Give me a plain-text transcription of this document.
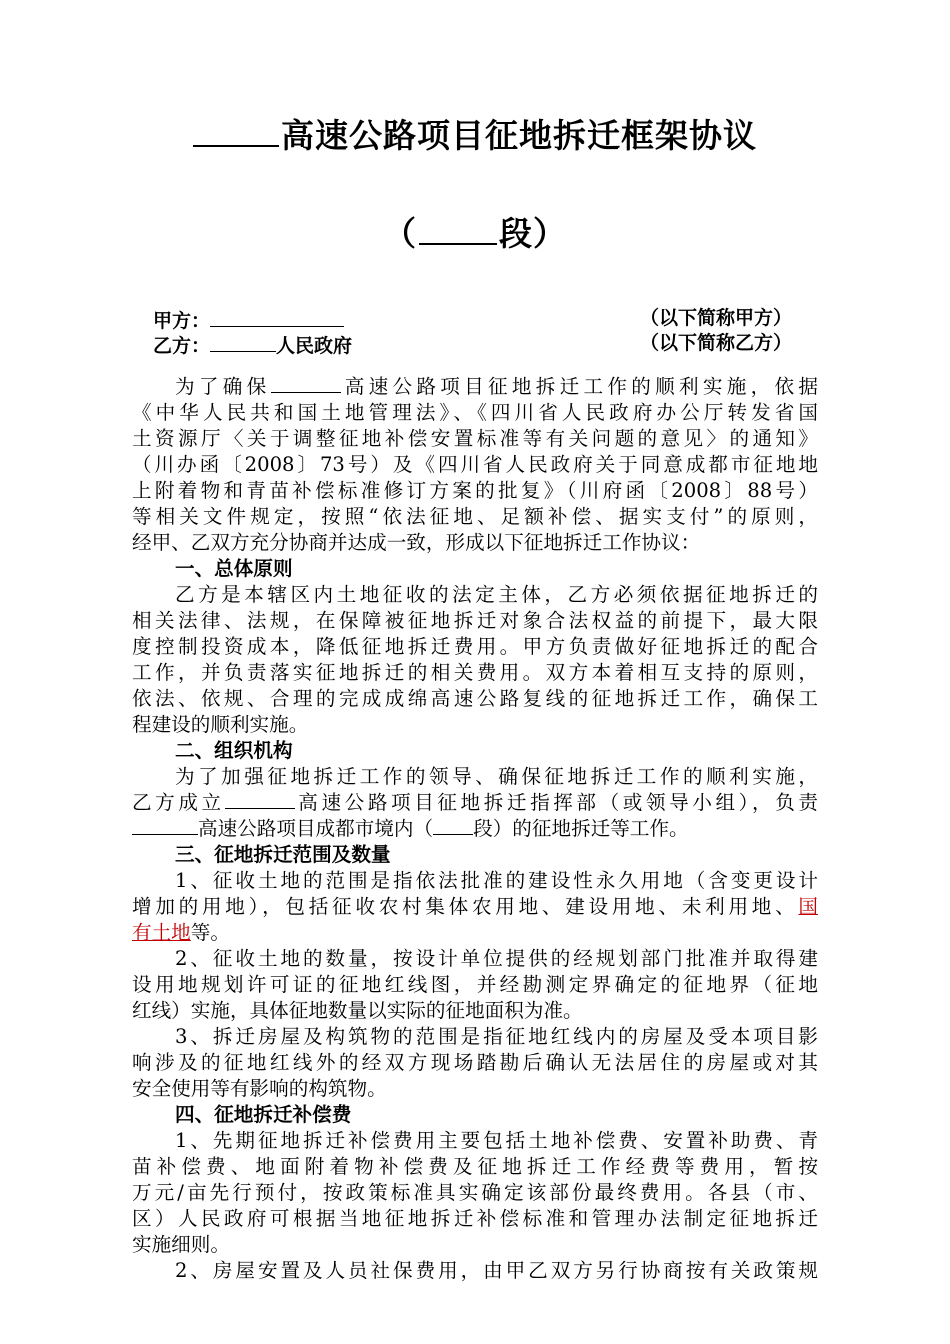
高速公路项目征地拆迁框架协议
（ 段）
甲方：	（以下简称甲方）
乙方：	人民政府	（以下简称乙方）
为了确保	高速公路项目征地拆迁工作的顺利实施，依据
《中华人民共和国土地管理法》、《四川省人民政府办公厅转发省国
土资源厅〈关于调整征地补偿安置标准等有关问题的意见〉的通知》
（川办函〔2008〕73号）及《四川省人民政府关于同意成都市征地地
上附着物和青苗补偿标准修订方案的批复》（川府函〔2008〕88号）
等相关文件规定，按照“依法征地、足额补偿、据实支付”的原则，
经甲、乙双方充分协商并达成一致，形成以下征地拆迁工作协议：
一、总体原则
乙方是本辖区内土地征收的法定主体，乙方必须依据征地拆迁的
相关法律、法规，在保障被征地拆迁对象合法权益的前提下，最大限
度控制投资成本，降低征地拆迁费用。甲方负责做好征地拆迁的配合
工作，并负责落实征地拆迁的相关费用。双方本着相互支持的原则，
依法、依规、合理的完成成绵高速公路复线的征地拆迁工作，确保工
程建设的顺利实施。
二、组织机构
为了加强征地拆迁工作的领导、确保征地拆迁工作的顺利实施，
乙方成立	高速公路项目征地拆迁指挥部（或领导小组），负责
高速公路项目成都市境内（ 段）的征地拆迁等工作。
三、征地拆迁范围及数量
1、征收土地的范围是指依法批准的建设性永久用地（含变更设计
增加的用地），包括征收农村集体农用地、建设用地、未利用地、国
有土地等。
2、征收土地的数量，按设计单位提供的经规划部门批准并取得建
设用地规划许可证的征地红线图，并经勘测定界确定的征地界（征地
红线）实施，具体征地数量以实际的征地面积为准。
3、拆迁房屋及构筑物的范围是指征地红线内的房屋及受本项目影
响涉及的征地红线外的经双方现场踏勘后确认无法居住的房屋或对其
安全使用等有影响的构筑物。
四、征地拆迁补偿费
1、先期征地拆迁补偿费用主要包括土地补偿费、安置补助费、青
苗补偿费、地面附着物补偿费及征地拆迁工作经费等费用，暂按
万元/亩先行预付，按政策标准具实确定该部份最终费用。各县（市、
区）人民政府可根据当地征地拆迁补偿标准和管理办法制定征地拆迁
实施细则。
2、房屋安置及人员社保费用，由甲乙双方另行协商按有关政策规
